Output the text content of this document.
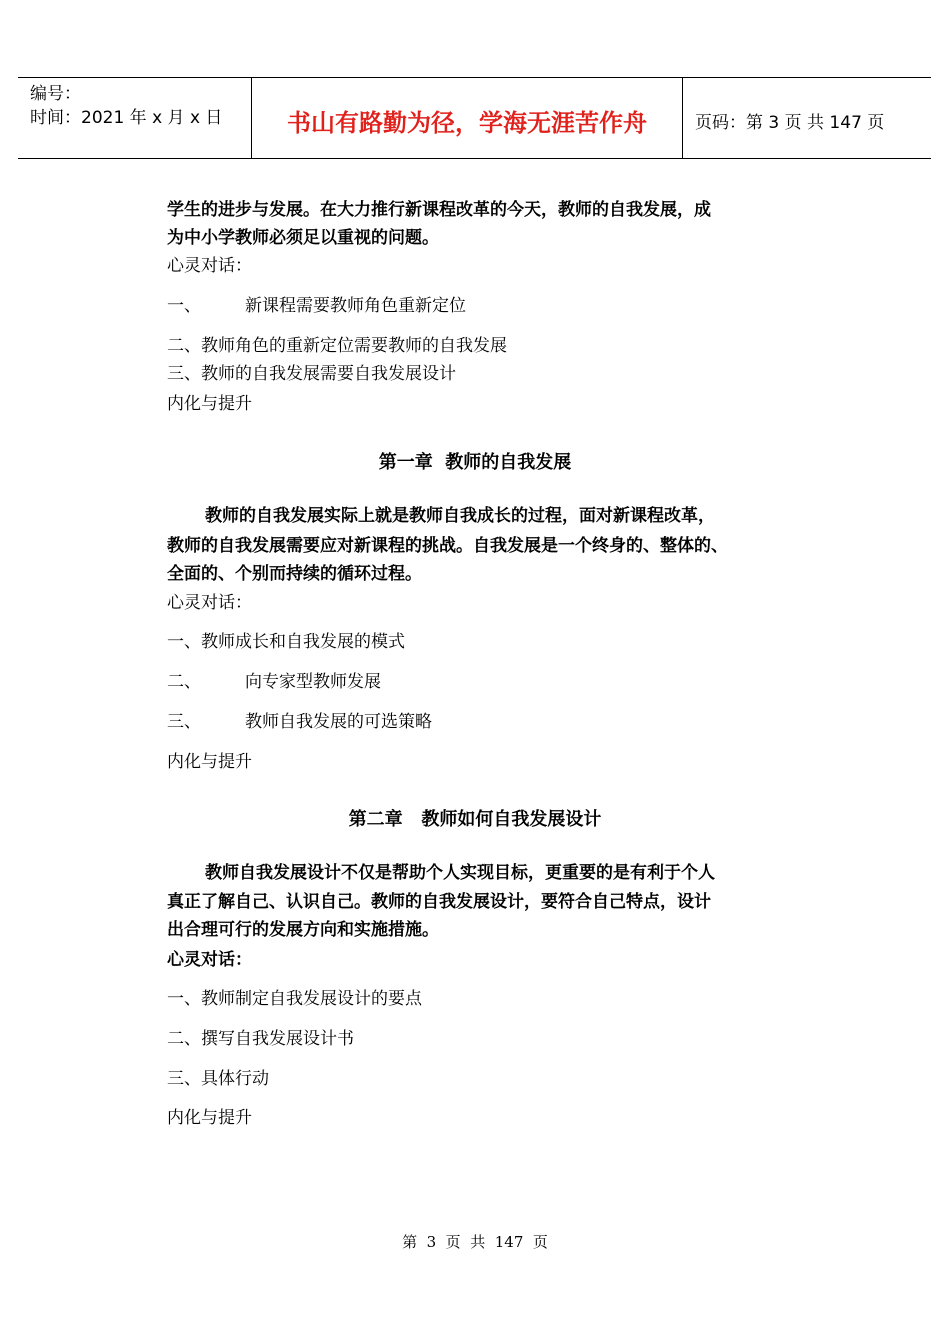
编号：
时间：2021 年 x 月 x 日	书山有路勤为径，学海无涯苦作舟	页码：第 3 页 共 147 页
学生的进步与发展。在大力推行新课程改革的今天，教师的自我发展，成
为中小学教师必须足以重视的问题。
心灵对话：
一、	新课程需要教师角色重新定位
二、教师角色的重新定位需要教师的自我发展
三、教师的自我发展需要自我发展设计
内化与提升
第一章  教师的自我发展
教师的自我发展实际上就是教师自我成长的过程，面对新课程改革，
教师的自我发展需要应对新课程的挑战。自我发展是一个终身的、整体的、
全面的、个别而持续的循环过程。
心灵对话：
一、教师成长和自我发展的模式
二、	向专家型教师发展
三、	教师自我发展的可选策略
内化与提升
第二章   教师如何自我发展设计
教师自我发展设计不仅是帮助个人实现目标，更重要的是有利于个人
真正了解自己、认识自己。教师的自我发展设计，要符合自己特点，设计
出合理可行的发展方向和实施措施。
心灵对话：
一、教师制定自我发展设计的要点
二、撰写自我发展设计书
三、具体行动
内化与提升
第  3  页  共  147  页
